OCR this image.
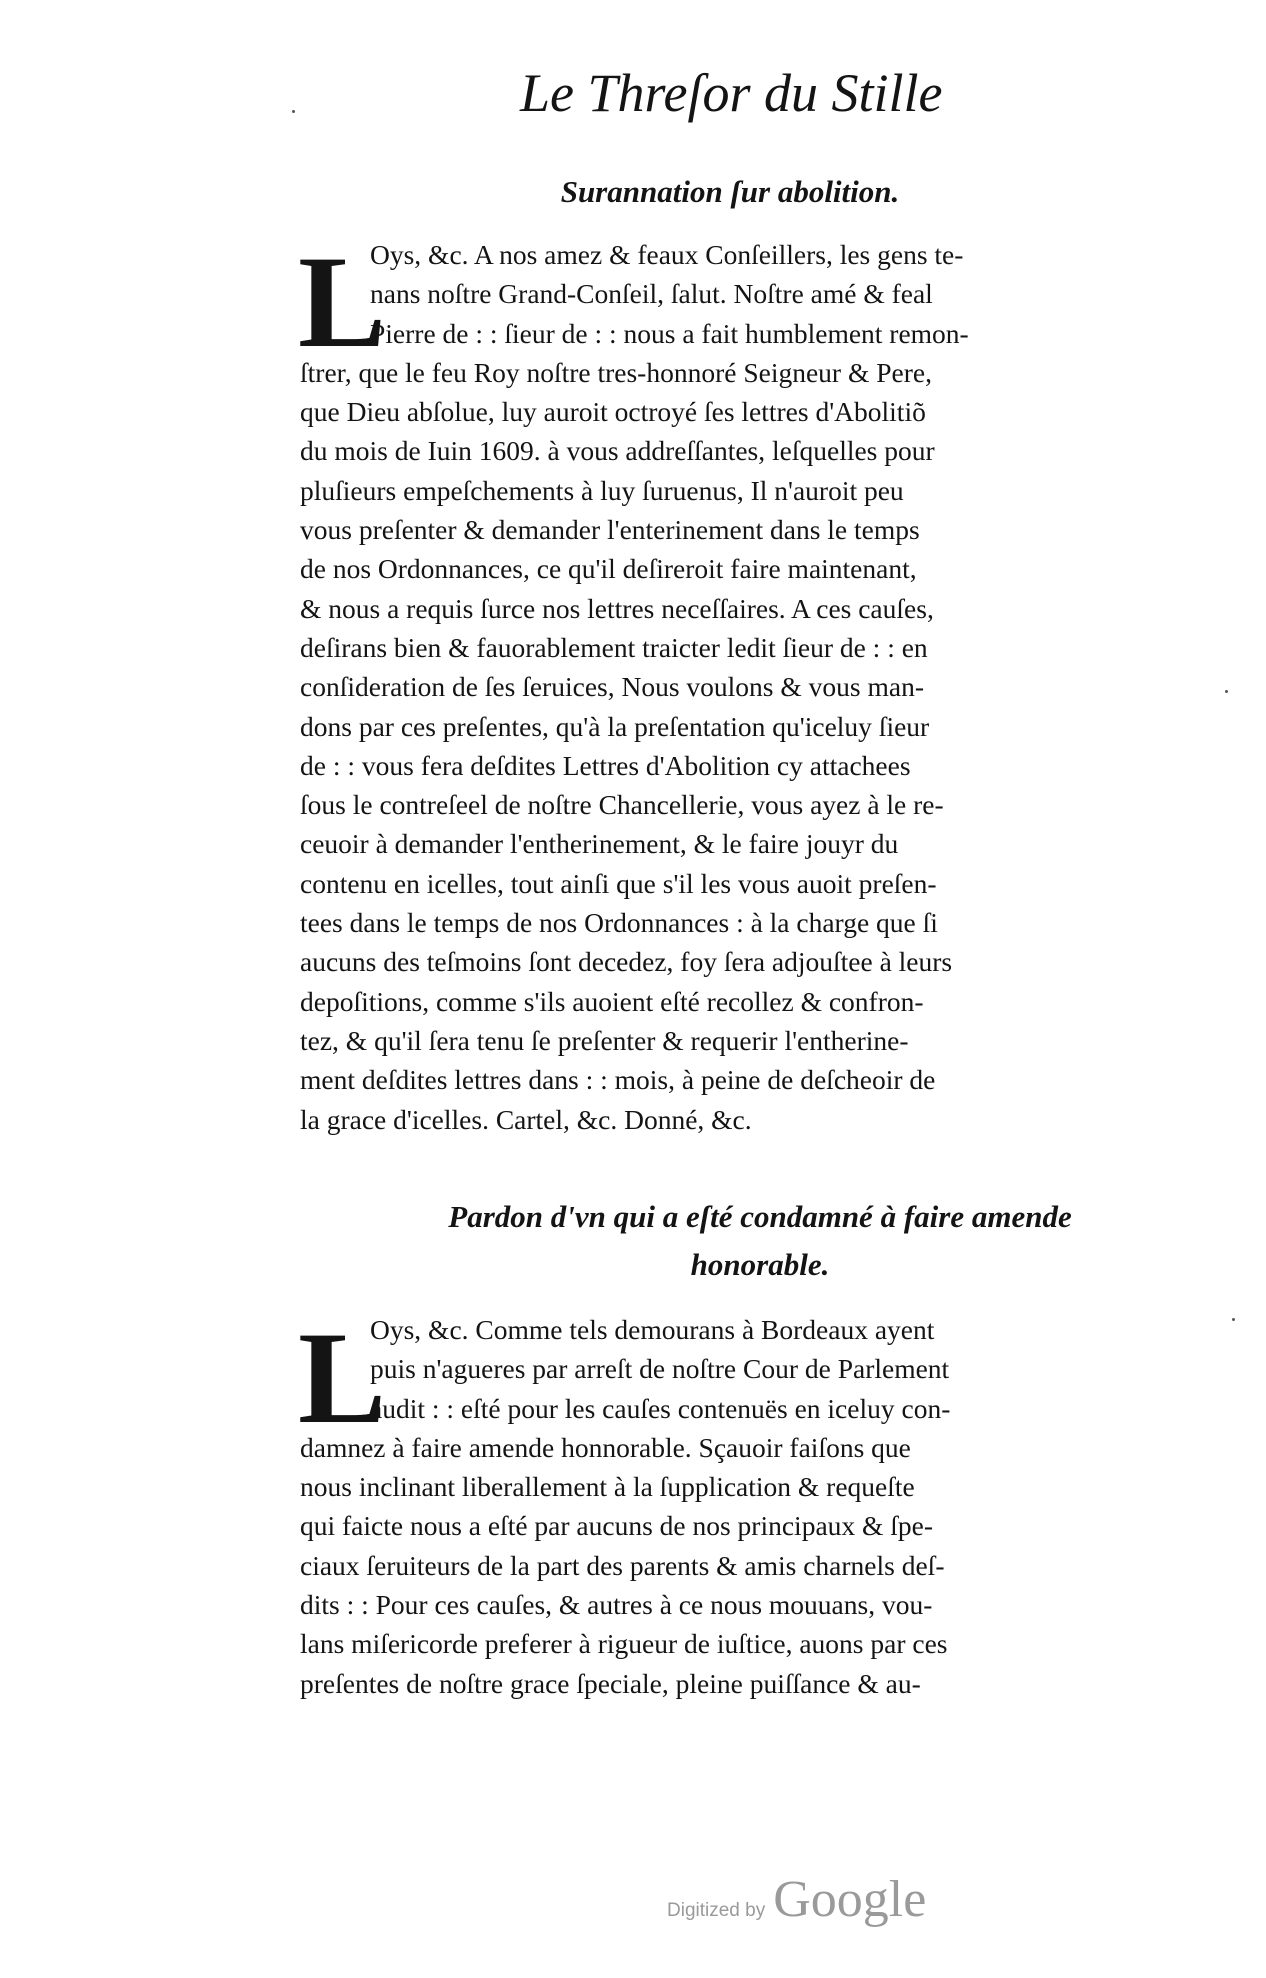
Le Threſor du Stille
Surannation ſur abolition.
L
Oys, &c. A nos amez & feaux Conſeillers, les gens te-
nans noſtre Grand-Conſeil, ſalut. Noſtre amé & feal
Pierre de : : ſieur de : : nous a fait humblement remon-
ſtrer, que le feu Roy noſtre tres-honnoré Seigneur & Pere,
que Dieu abſolue, luy auroit octroyé ſes lettres d'Abolitiõ
du mois de Iuin 1609. à vous addreſſantes, leſquelles pour
pluſieurs empeſchements à luy ſuruenus, Il n'auroit peu
vous preſenter & demander l'enterinement dans le temps
de nos Ordonnances, ce qu'il deſireroit faire maintenant,
& nous a requis ſurce nos lettres neceſſaires. A ces cauſes,
deſirans bien & fauorablement traicter ledit ſieur de : : en
conſideration de ſes ſeruices, Nous voulons & vous man-
dons par ces preſentes, qu'à la preſentation qu'iceluy ſieur
de : : vous fera deſdites Lettres d'Abolition cy attachees
ſous le contreſeel de noſtre Chancellerie, vous ayez à le re-
ceuoir à demander l'entherinement, & le faire jouyr du
contenu en icelles, tout ainſi que s'il les vous auoit preſen-
tees dans le temps de nos Ordonnances : à la charge que ſi
aucuns des teſmoins ſont decedez, foy ſera adjouſtee à leurs
depoſitions, comme s'ils auoient eſté recollez & confron-
tez, & qu'il ſera tenu ſe preſenter & requerir l'entherine-
ment deſdites lettres dans : : mois, à peine de deſcheoir de
la grace d'icelles. Cartel, &c. Donné, &c.
Pardon d'vn qui a eſté condamné à faire amende
honorable.
L
Oys, &c. Comme tels demourans à Bordeaux ayent
puis n'agueres par arreſt de noſtre Cour de Parlement
audit : : eſté pour les cauſes contenuës en iceluy con-
damnez à faire amende honnorable. Sçauoir faiſons que
nous inclinant liberallement à la ſupplication & requeſte
qui faicte nous a eſté par aucuns de nos principaux & ſpe-
ciaux ſeruiteurs de la part des parents & amis charnels deſ-
dits : : Pour ces cauſes, & autres à ce nous mouuans, vou-
lans miſericorde preferer à rigueur de iuſtice, auons par ces
preſentes de noſtre grace ſpeciale, pleine puiſſance & au-
Digitized by Google
